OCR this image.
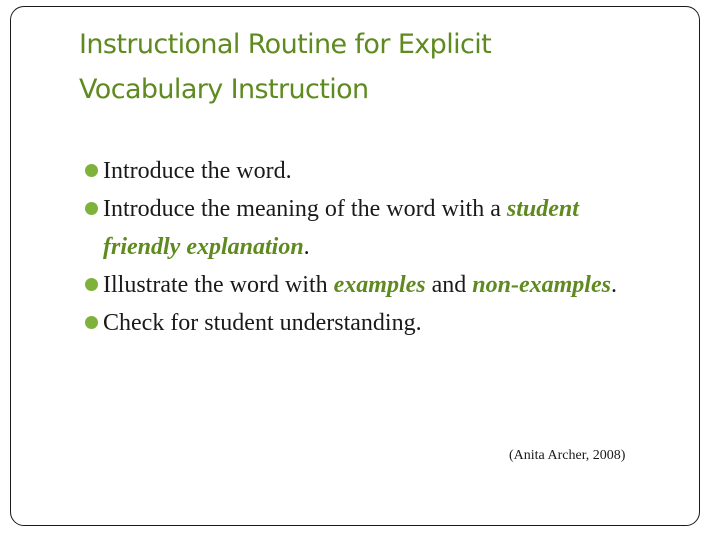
Instructional Routine for Explicit
Vocabulary Instruction
Introduce the word.
Introduce the meaning of the word with a student friendly explanation.
Illustrate the word with examples and non-examples.
Check for student understanding.
(Anita Archer, 2008)
